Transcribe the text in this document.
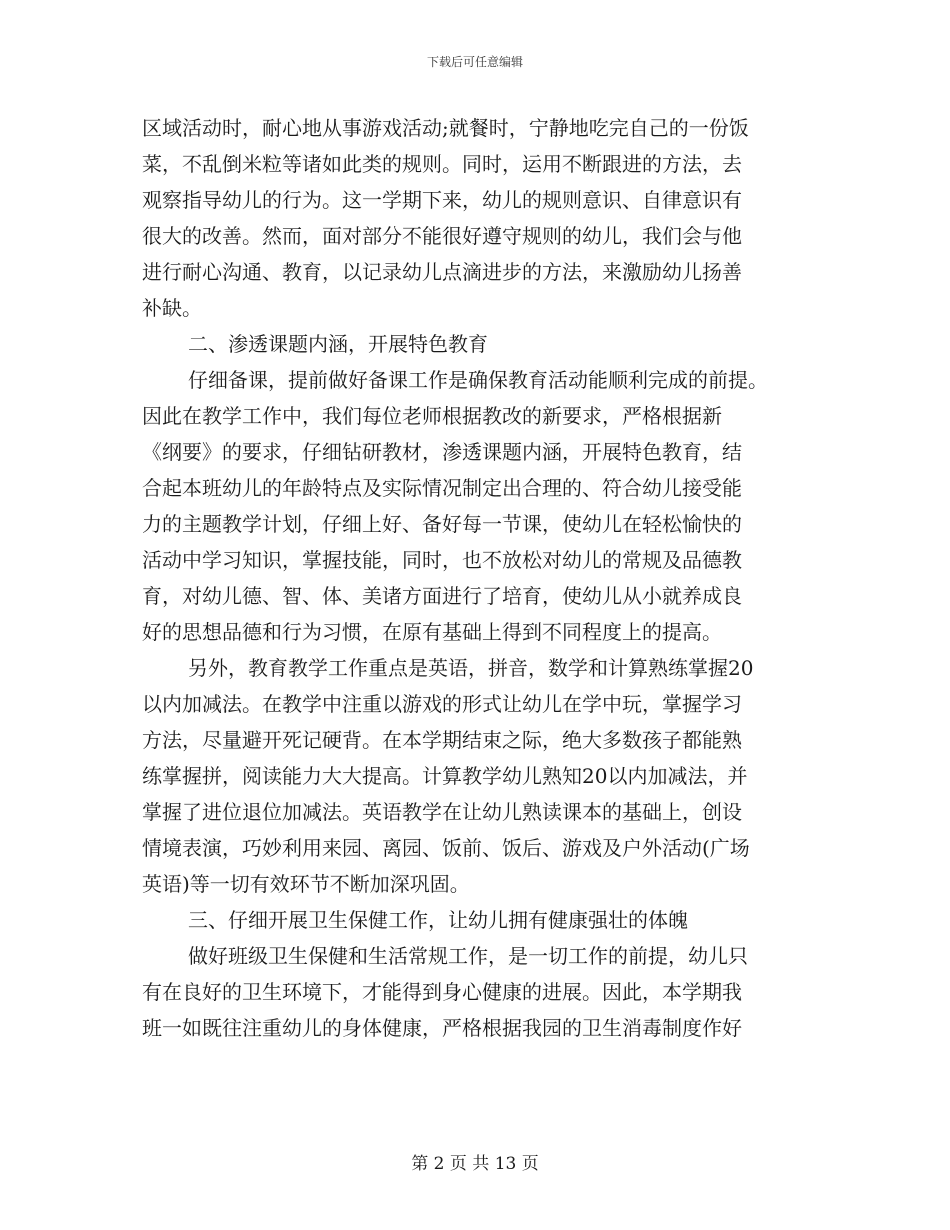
下载后可任意编辑
区域活动时，耐心地从事游戏活动;就餐时，宁静地吃完自己的一份饭
菜，不乱倒米粒等诸如此类的规则。同时，运用不断跟进的方法，去
观察指导幼儿的行为。这一学期下来，幼儿的规则意识、自律意识有
很大的改善。然而，面对部分不能很好遵守规则的幼儿，我们会与他
进行耐心沟通、教育，以记录幼儿点滴进步的方法，来激励幼儿扬善
补缺。
二、渗透课题内涵，开展特色教育
仔细备课，提前做好备课工作是确保教育活动能顺利完成的前提。
因此在教学工作中，我们每位老师根据教改的新要求，严格根据新
《纲要》的要求，仔细钻研教材，渗透课题内涵，开展特色教育，结
合起本班幼儿的年龄特点及实际情况制定出合理的、符合幼儿接受能
力的主题教学计划，仔细上好、备好每一节课，使幼儿在轻松愉快的
活动中学习知识，掌握技能，同时，也不放松对幼儿的常规及品德教
育，对幼儿德、智、体、美诸方面进行了培育，使幼儿从小就养成良
好的思想品德和行为习惯，在原有基础上得到不同程度上的提高。
另外，教育教学工作重点是英语，拼音，数学和计算熟练掌握20
以内加减法。在教学中注重以游戏的形式让幼儿在学中玩，掌握学习
方法，尽量避开死记硬背。在本学期结束之际，绝大多数孩子都能熟
练掌握拼，阅读能力大大提高。计算教学幼儿熟知20以内加减法，并
掌握了进位退位加减法。英语教学在让幼儿熟读课本的基础上，创设
情境表演，巧妙利用来园、离园、饭前、饭后、游戏及户外活动(广场
英语)等一切有效环节不断加深巩固。
三、仔细开展卫生保健工作，让幼儿拥有健康强壮的体魄
做好班级卫生保健和生活常规工作，是一切工作的前提，幼儿只
有在良好的卫生环境下，才能得到身心健康的进展。因此，本学期我
班一如既往注重幼儿的身体健康，严格根据我园的卫生消毒制度作好
第 2 页 共 13 页
